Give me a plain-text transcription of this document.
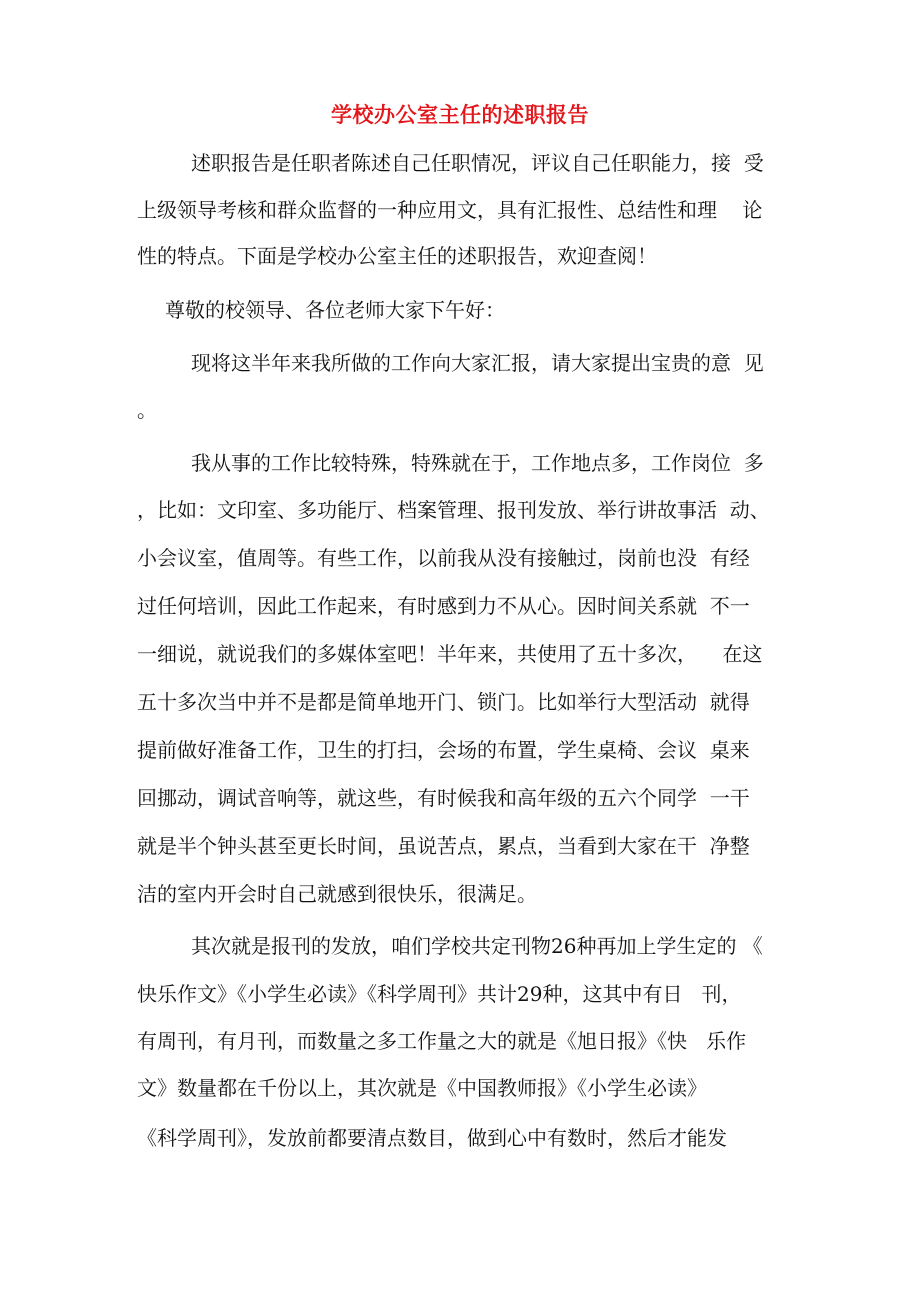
学校办公室主任的述职报告
述职报告是任职者陈述自己任职情况，评议自己任职能力，接  受
上级领导考核和群众监督的一种应用文，具有汇报性、总结性和理    论
性的特点。下面是学校办公室主任的述职报告，欢迎查阅！
尊敬的校领导、各位老师大家下午好：
现将这半年来我所做的工作向大家汇报，请大家提出宝贵的意  见
。
我从事的工作比较特殊，特殊就在于，工作地点多，工作岗位  多
，比如：文印室、多功能厅、档案管理、报刊发放、举行讲故事活  动、
小会议室，值周等。有些工作，以前我从没有接触过，岗前也没  有经
过任何培训，因此工作起来，有时感到力不从心。因时间关系就  不一
一细说，就说我们的多媒体室吧！半年来，共使用了五十多次，    在这
五十多次当中并不是都是简单地开门、锁门。比如举行大型活动  就得
提前做好准备工作，卫生的打扫，会场的布置，学生桌椅、会议  桌来
回挪动，调试音响等，就这些，有时候我和高年级的五六个同学  一干
就是半个钟头甚至更长时间，虽说苦点，累点，当看到大家在干  净整
洁的室内开会时自己就感到很快乐，很满足。
其次就是报刊的发放，咱们学校共定刊物26种再加上学生定的 《
快乐作文》《小学生必读》《科学周刊》共计29种，这其中有日   刊，
有周刊，有月刊，而数量之多工作量之大的就是《旭日报》《快   乐作
文》数量都在千份以上，其次就是《中国教师报》《小学生必读》
《科学周刊》，发放前都要清点数目，做到心中有数时，然后才能发
